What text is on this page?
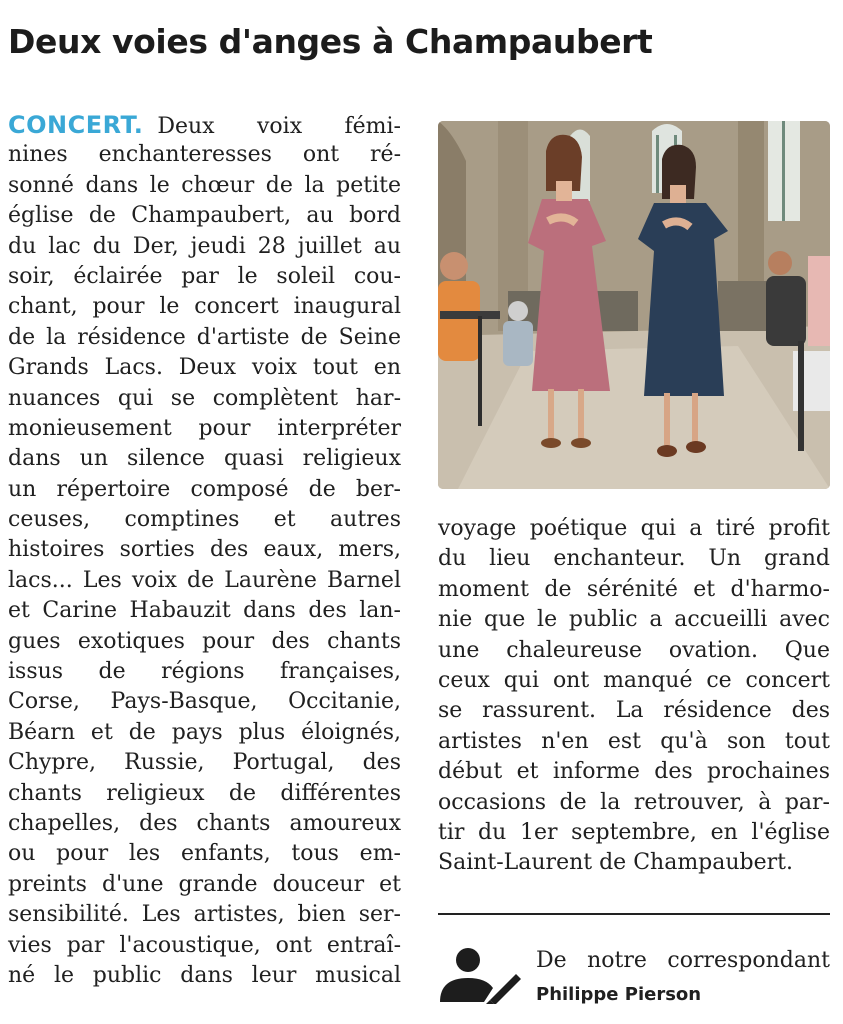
Deux voies d'anges à Champaubert
CONCERT. Deux voix fémi-
nines enchanteresses ont ré-
sonné dans le chœur de la petite
église de Champaubert, au bord
du lac du Der, jeudi 28 juillet au
soir, éclairée par le soleil cou-
chant, pour le concert inaugural
de la résidence d'artiste de Seine
Grands Lacs. Deux voix tout en
nuances qui se complètent har-
monieusement pour interpréter
dans un silence quasi religieux
un répertoire composé de ber-
ceuses, comptines et autres
histoires sorties des eaux, mers,
lacs... Les voix de Laurène Barnel
et Carine Habauzit dans des lan-
gues exotiques pour des chants
issus de régions françaises,
Corse, Pays-Basque, Occitanie,
Béarn et de pays plus éloignés,
Chypre, Russie, Portugal, des
chants religieux de différentes
chapelles, des chants amoureux
ou pour les enfants, tous em-
preints d'une grande douceur et
sensibilité. Les artistes, bien ser-
vies par l'acoustique, ont entraî-
né le public dans leur musical
voyage poétique qui a tiré profit
du lieu enchanteur. Un grand
moment de sérénité et d'harmo-
nie que le public a accueilli avec
une chaleureuse ovation. Que
ceux qui ont manqué ce concert
se rassurent. La résidence des
artistes n'en est qu'à son tout
début et informe des prochaines
occasions de la retrouver, à par-
tir du 1er septembre, en l'église
Saint-Laurent de Champaubert.
De notre correspondant
Philippe Pierson
